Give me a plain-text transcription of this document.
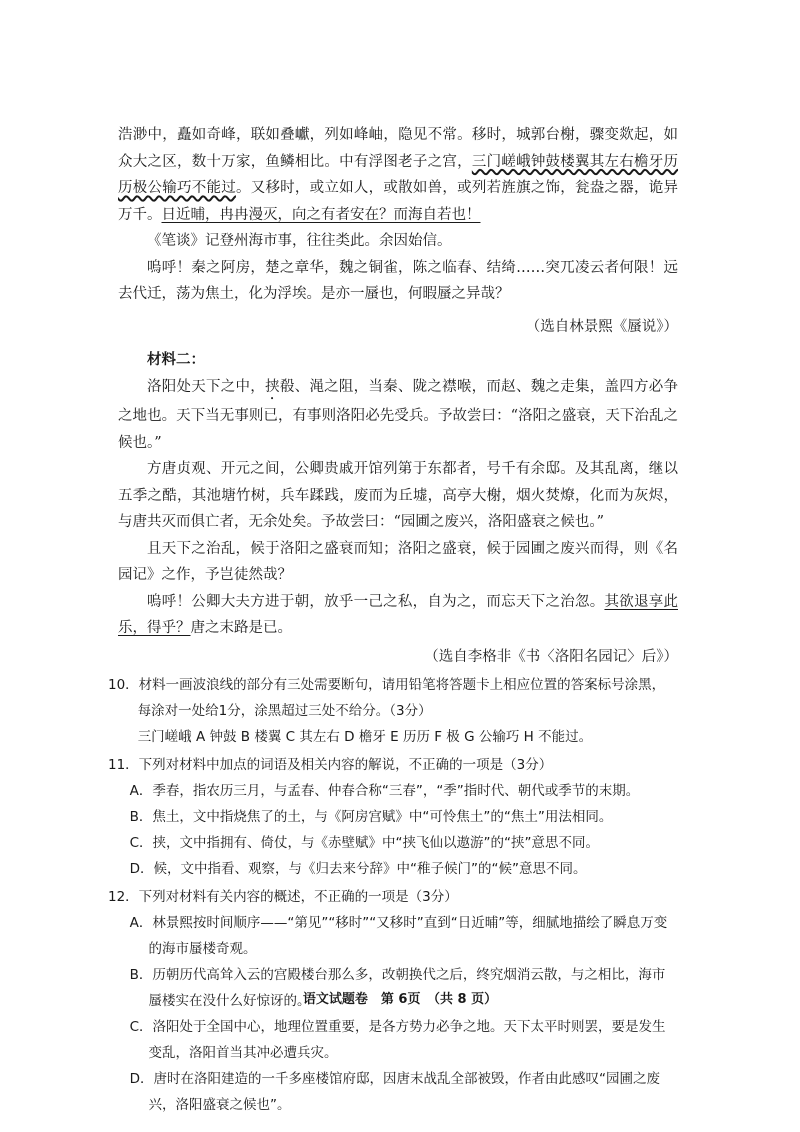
浩渺中，矗如奇峰，联如叠巘，列如峰岫，隐见不常。移时，城郭台榭，骤变欻起，如众大之区，数十万家，鱼鳞相比。中有浮图老子之宫，三门嵯峨钟鼓楼翼其左右檐牙历历极公输巧不能过。又移时，或立如人，或散如兽，或列若旌旗之饰，瓮盎之器，诡异万千。日近晡，冉冉漫灭，向之有者安在？而海自若也！

《笔谈》记登州海市事，往往类此。余因始信。

嗚呼！秦之阿房，楚之章华，魏之铜雀，陈之临春、结绮……突兀凌云者何限！远去代迁，荡为焦土，化为浮埃。是亦一蜃也，何暇蜃之异哉？

（选自林景熙《蜃说》）

材料二：

洛阳处天下之中，挟殽、渑之阻，当秦、陇之襟喉，而赵、魏之走集，盖四方必争之地也。天下当无事则已，有事则洛阳必先受兵。予故尝曰：“洛阳之盛衰，天下治乱之候也。”

方唐贞观、开元之间，公卿贵戚开馆列第于东都者，号千有余邸。及其乱离，继以五季之酷，其池塘竹树，兵车蹂践，废而为丘墟，高亭大榭，烟火焚燎，化而为灰烬，与唐共灭而俱亡者，无余处矣。予故尝曰：“园圃之废兴，洛阳盛衰之候也。”

且天下之治乱，候于洛阳之盛衰而知；洛阳之盛衰，候于园圃之废兴而得，则《名园记》之作，予岂徒然哉？

嗚呼！公卿大夫方进于朝，放乎一己之私，自为之，而忘天下之治忽。其欲退享此乐，得乎？唐之末路是已。

（选自李格非《书〈洛阳名园记〉后》）

10．材料一画波浪线的部分有三处需要断句，请用铅笔将答题卡上相应位置的答案标号涂黑，

每涂对一处给1分，涂黑超过三处不给分。（3分）

三门嵯峨 A 钟鼓 B 楼翼 C 其左右 D 檐牙 E 历历 F 极 G 公输巧 H 不能过。

11．下列对材料中加点的词语及相关内容的解说，不正确的一项是（3分）

A．季春，指农历三月，与孟春、仲春合称“三春”，“季”指时代、朝代或季节的末期。

B．焦土，文中指烧焦了的土，与《阿房宫赋》中“可怜焦土”的“焦土”用法相同。

C．挟，文中指拥有、倚仗，与《赤壁赋》中“挟飞仙以遨游”的“挟”意思不同。

D．候，文中指看、观察，与《归去来兮辞》中“稚子候门”的“候”意思不同。

12．下列对材料有关内容的概述，不正确的一项是（3分）

A．林景熙按时间顺序——“第见”“移时”“又移时”直到“日近晡”等，细腻地描绘了瞬息万变的海市蜃楼奇观。

B．历朝历代高耸入云的宫殿楼台那么多，改朝换代之后，终究烟消云散，与之相比，海市蜃楼实在没什么好惊讶的。

C．洛阳处于全国中心，地理位置重要，是各方势力必争之地。天下太平时则罢，要是发生变乱，洛阳首当其冲必遭兵灾。

D．唐时在洛阳建造的一千多座楼馆府邸，因唐末战乱全部被毁，作者由此感叹“园圃之废兴，洛阳盛衰之候也”。

语文试题卷　第 6页　（共 8 页）
